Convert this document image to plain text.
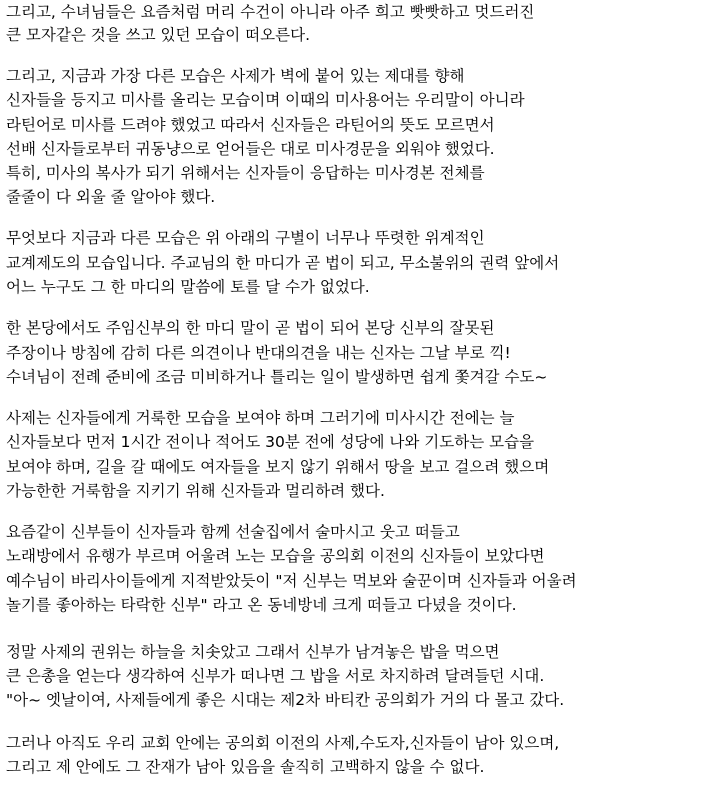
그리고, 수녀님들은 요즘처럼 머리 수건이 아니라 아주 희고 빳빳하고 멋드러진
큰 모자같은 것을 쓰고 있던 모습이 떠오른다.
그리고, 지금과 가장 다른 모습은 사제가 벽에 붙어 있는 제대를 향해
신자들을 등지고 미사를 올리는 모습이며 이때의 미사용어는 우리말이 아니라
라틴어로 미사를 드려야 했었고 따라서 신자들은 라틴어의 뜻도 모르면서
선배 신자들로부터 귀동냥으로 얻어들은 대로 미사경문을 외워야 했었다.
특히, 미사의 복사가 되기 위해서는 신자들이 응답하는 미사경본 전체를
줄줄이 다 외울 줄 알아야 했다.
무엇보다 지금과 다른 모습은 위 아래의 구별이 너무나 뚜렷한 위계적인
교계제도의 모습입니다. 주교님의 한 마디가 곧 법이 되고, 무소불위의 권력 앞에서
어느 누구도 그 한 마디의 말씀에 토를 달 수가 없었다.
한 본당에서도 주임신부의 한 마디 말이 곧 법이 되어 본당 신부의 잘못된
주장이나 방침에 감히 다른 의견이나 반대의견을 내는 신자는 그날 부로 끽!
수녀님이 전례 준비에 조금 미비하거나 틀리는 일이 발생하면 쉽게 쫓겨갈 수도~
사제는 신자들에게 거룩한 모습을 보여야 하며 그러기에 미사시간 전에는 늘
신자들보다 먼저 1시간 전이나 적어도 30분 전에 성당에 나와 기도하는 모습을
보여야 하며, 길을 갈 때에도 여자들을 보지 않기 위해서 땅을 보고 걸으려 했으며
가능한한 거룩함을 지키기 위해 신자들과 멀리하려 했다.
요즘같이 신부들이 신자들과 함께 선술집에서 술마시고 웃고 떠들고
노래방에서 유행가 부르며 어울려 노는 모습을 공의회 이전의 신자들이 보았다면
예수님이 바리사이들에게 지적받았듯이 "저 신부는 먹보와 술꾼이며 신자들과 어울려
놀기를 좋아하는 타락한 신부" 라고 온 동네방네 크게 떠들고 다녔을 것이다.
정말 사제의 권위는 하늘을 치솟았고 그래서 신부가 남겨놓은 밥을 먹으면
큰 은총을 얻는다 생각하여 신부가 떠나면 그 밥을 서로 차지하려 달려들던 시대.
"아~ 엣날이여, 사제들에게 좋은 시대는 제2차 바티칸 공의회가 거의 다 몰고 갔다.
그러나 아직도 우리 교회 안에는 공의회 이전의 사제,수도자,신자들이 남아 있으며,
그리고 제 안에도 그 잔재가 남아 있음을 솔직히 고백하지 않을 수 없다.
